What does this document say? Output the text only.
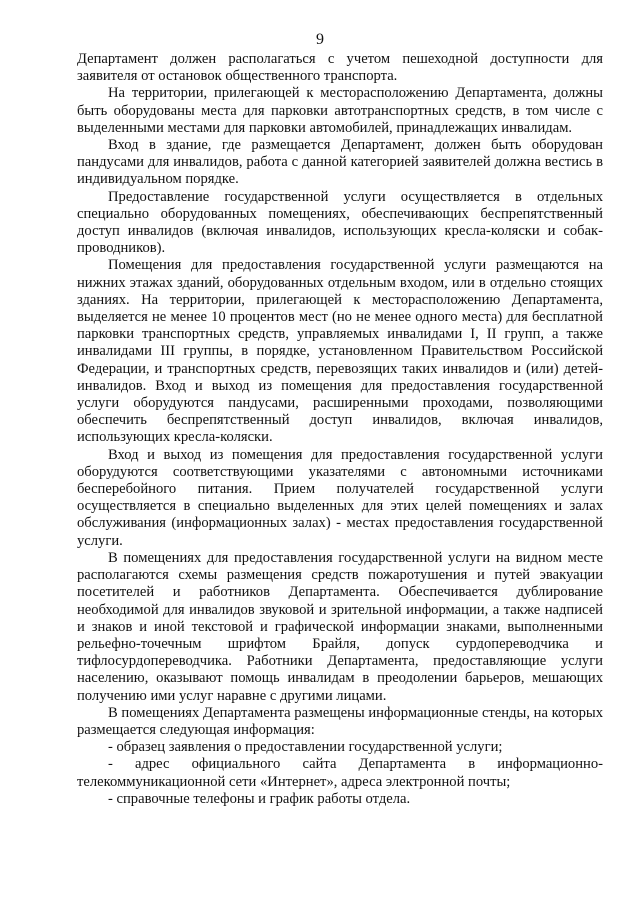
9

Департамент должен располагаться с учетом пешеходной доступности для заявителя от остановок общественного транспорта.

На территории, прилегающей к месторасположению Департамента, должны быть оборудованы места для парковки автотранспортных средств, в том числе с выделенными местами для парковки автомобилей, принадлежащих инвалидам.

Вход в здание, где размещается Департамент, должен быть оборудован пандусами для инвалидов, работа с данной категорией заявителей должна вестись в индивидуальном порядке.

Предоставление государственной услуги осуществляется в отдельных специально оборудованных помещениях, обеспечивающих беспрепятственный доступ инвалидов (включая инвалидов, использующих кресла-коляски и собак-проводников).

Помещения для предоставления государственной услуги размещаются на нижних этажах зданий, оборудованных отдельным входом, или в отдельно стоящих зданиях. На территории, прилегающей к месторасположению Департамента, выделяется не менее 10 процентов мест (но не менее одного места) для бесплатной парковки транспортных средств, управляемых инвалидами I, II групп, а также инвалидами III группы, в порядке, установленном Правительством Российской Федерации, и транспортных средств, перевозящих таких инвалидов и (или) детей-инвалидов. Вход и выход из помещения для предоставления государственной услуги оборудуются пандусами, расширенными проходами, позволяющими обеспечить беспрепятственный доступ инвалидов, включая инвалидов, использующих кресла-коляски.

Вход и выход из помещения для предоставления государственной услуги оборудуются соответствующими указателями с автономными источниками бесперебойного питания. Прием получателей государственной услуги осуществляется в специально выделенных для этих целей помещениях и залах обслуживания (информационных залах) - местах предоставления государственной услуги.

В помещениях для предоставления государственной услуги на видном месте располагаются схемы размещения средств пожаротушения и путей эвакуации посетителей и работников Департамента. Обеспечивается дублирование необходимой для инвалидов звуковой и зрительной информации, а также надписей и знаков и иной текстовой и графической информации знаками, выполненными рельефно-точечным шрифтом Брайля, допуск сурдопереводчика и тифлосурдопереводчика. Работники Департамента, предоставляющие услуги населению, оказывают помощь инвалидам в преодолении барьеров, мешающих получению ими услуг наравне с другими лицами.

В помещениях Департамента размещены информационные стенды, на которых размещается следующая информация:

- образец заявления о предоставлении государственной услуги;

- адрес официального сайта Департамента в информационно-телекоммуникационной сети «Интернет», адреса электронной почты;

- справочные телефоны и график работы отдела.
